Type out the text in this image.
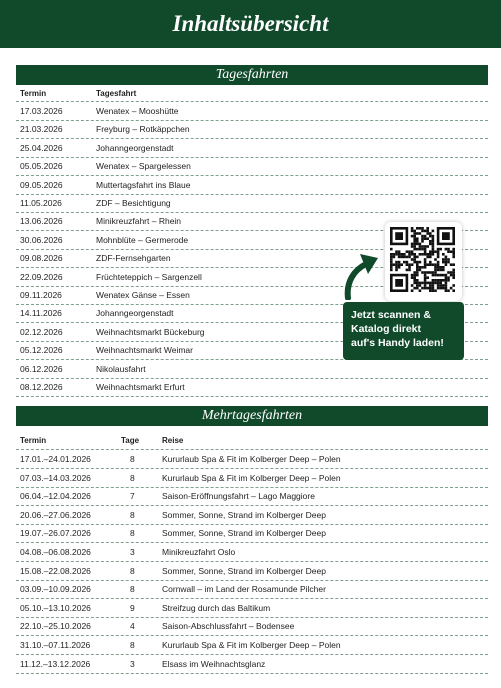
Inhaltsübersicht
Tagesfahrten
Termin	Tagesfahrt
17.03.2026	Wenatex – Mooshütte
21.03.2026	Freyburg – Rotkäppchen
25.04.2026	Johanngeorgenstadt
05.05.2026	Wenatex – Spargelessen
09.05.2026	Muttertagsfahrt ins Blaue
11.05.2026	ZDF – Besichtigung
13.06.2026	Minikreuzfahrt – Rhein
30.06.2026	Mohnblüte – Germerode
09.08.2026	ZDF-Fernsehgarten
22.09.2026	Früchteteppich – Sargenzell
09.11.2026	Wenatex Gänse – Essen
14.11.2026	Johanngeorgenstadt
02.12.2026	Weihnachtsmarkt Bückeburg
05.12.2026	Weihnachtsmarkt Weimar
06.12.2026	Nikolausfahrt
08.12.2026	Weihnachtsmarkt Erfurt
Jetzt scannen &
Katalog direkt
auf's Handy laden!
Mehrtagesfahrten
Termin	Tage	Reise
17.01.–24.01.2026	8	Kururlaub Spa & Fit im Kolberger Deep – Polen
07.03.–14.03.2026	8	Kururlaub Spa & Fit im Kolberger Deep – Polen
06.04.–12.04.2026	7	Saison-Eröffnungsfahrt – Lago Maggiore
20.06.–27.06.2026	8	Sommer, Sonne, Strand im Kolberger Deep
19.07.–26.07.2026	8	Sommer, Sonne, Strand im Kolberger Deep
04.08.–06.08.2026	3	Minikreuzfahrt Oslo
15.08.–22.08.2026	8	Sommer, Sonne, Strand im Kolberger Deep
03.09.–10.09.2026	8	Cornwall – im Land der Rosamunde Pilcher
05.10.–13.10.2026	9	Streifzug durch das Baltikum
22.10.–25.10.2026	4	Saison-Abschlussfahrt – Bodensee
31.10.–07.11.2026	8	Kururlaub Spa & Fit im Kolberger Deep – Polen
11.12.–13.12.2026	3	Elsass im Weihnachtsglanz
